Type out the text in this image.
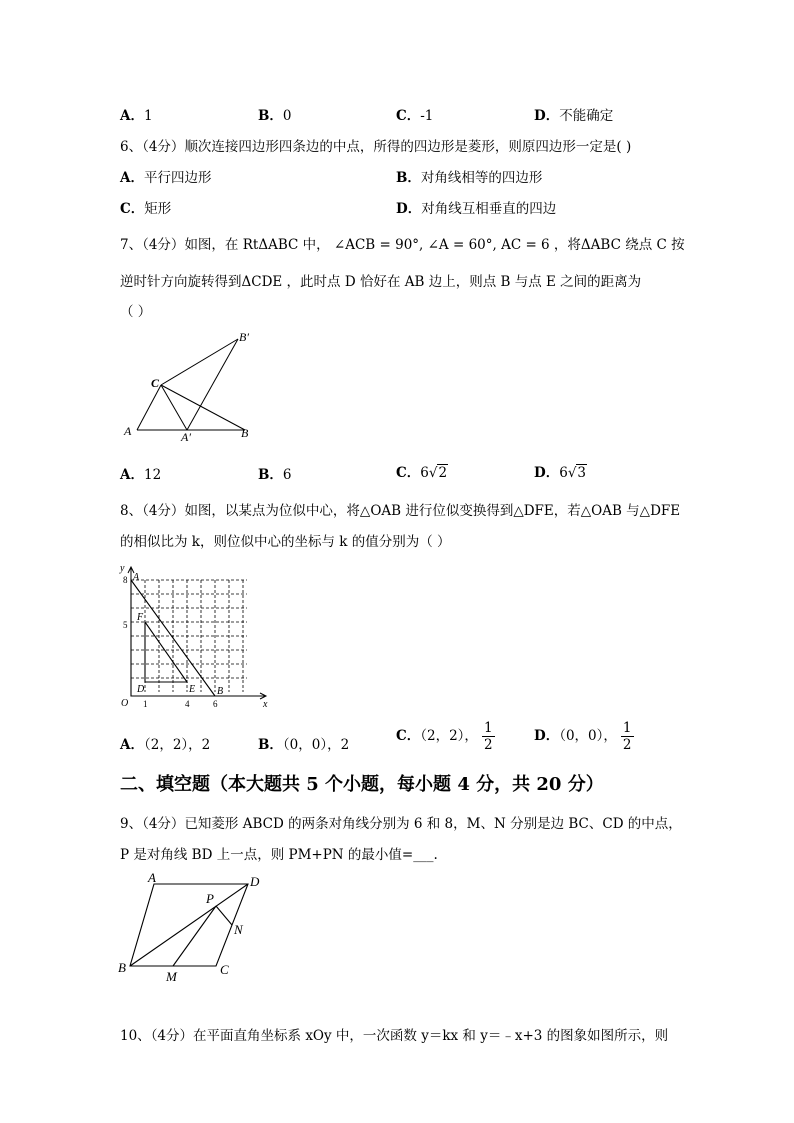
A．1	B．0	C．-1	D．不能确定
6、（4分）顺次连接四边形四条边的中点，所得的四边形是菱形，则原四边形一定是( )
A．平行四边形	B．对角线相等的四边形
C．矩形	D．对角线互相垂直的四边
7、（4分）如图，在 RtΔABC 中， ∠ACB = 90°, ∠A = 60°, AC = 6 ，将ΔABC 绕点 C 按
逆时针方向旋转得到ΔCDE ，此时点 D 恰好在 AB 边上，则点 B 与点 E 之间的距离为
（ ）
A	B
C
A′
B′
A．12	B．6	C．6√2	D．6√3
8、（4分）如图，以某点为位似中心，将△OAB 进行位似变换得到△DFE，若△OAB 与△DFE
的相似比为 k，则位似中心的坐标与 k 的值分别为（ ）
y
x
O
A
B
D	E
F
8
5
1	4	6
A．（2，2），2	B．（0，0），2
C．（2，2）， $\frac{1}{2}$	D．（0，0）， $\frac{1}{2}$
二、填空题（本大题共 5 个小题，每小题 4 分，共 20 分）
9、（4分）已知菱形 ABCD 的两条对角线分别为 6 和 8，M、N 分别是边 BC、CD 的中点，
P 是对角线 BD 上一点，则 PM+PN 的最小值=___.
A	D
B	C
P
N
M
10、（4分）在平面直角坐标系 xOy 中，一次函数 y＝kx 和 y＝﹣x+3 的图象如图所示，则
